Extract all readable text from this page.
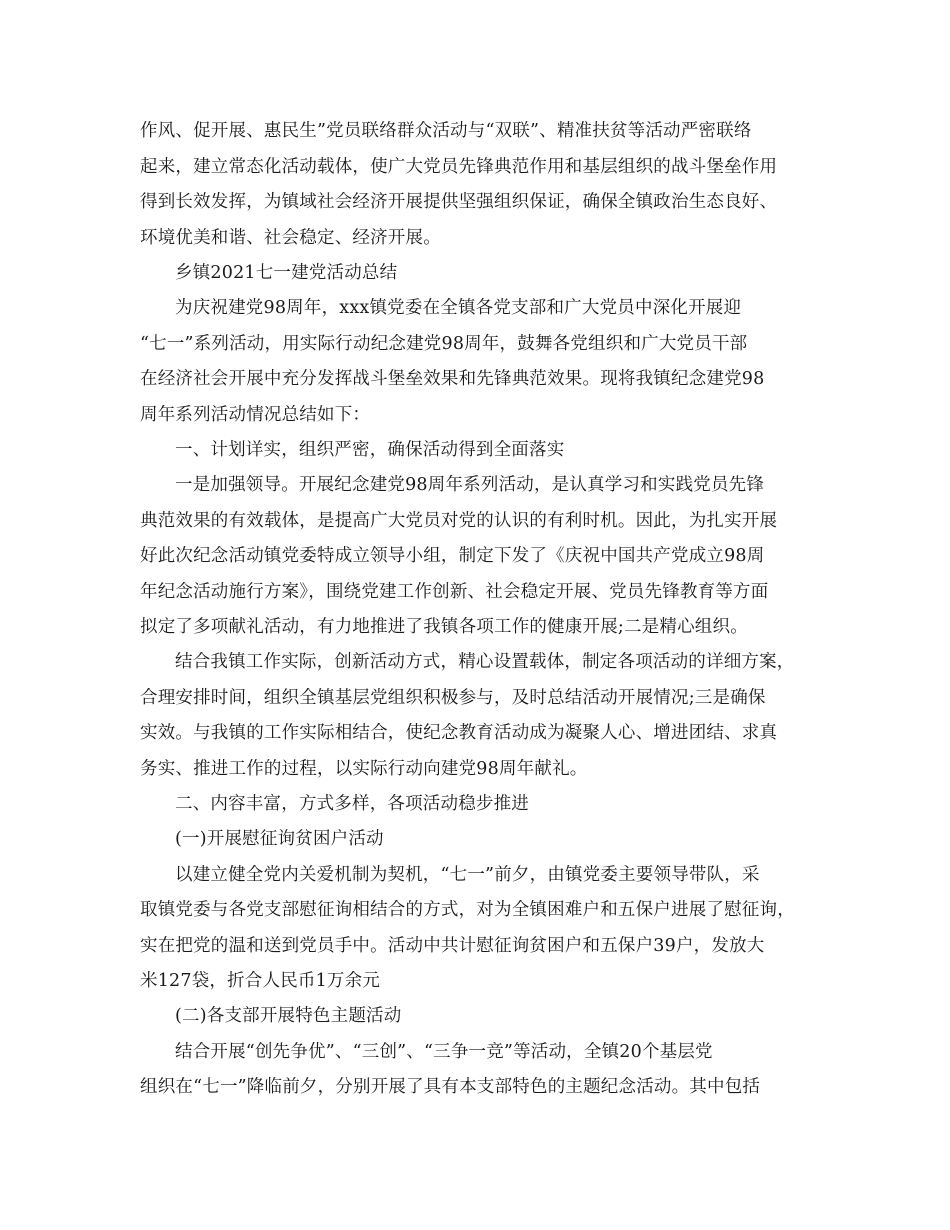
作风、促开展、惠民生”党员联络群众活动与“双联”、精准扶贫等活动严密联络
起来，建立常态化活动载体，使广大党员先锋典范作用和基层组织的战斗堡垒作用
得到长效发挥，为镇域社会经济开展提供坚强组织保证，确保全镇政治生态良好、
环境优美和谐、社会稳定、经济开展。
乡镇2021七一建党活动总结
为庆祝建党98周年，xxx镇党委在全镇各党支部和广大党员中深化开展迎
“七一”系列活动，用实际行动纪念建党98周年，鼓舞各党组织和广大党员干部
在经济社会开展中充分发挥战斗堡垒效果和先锋典范效果。现将我镇纪念建党98
周年系列活动情况总结如下：
一、计划详实，组织严密，确保活动得到全面落实
一是加强领导。开展纪念建党98周年系列活动，是认真学习和实践党员先锋
典范效果的有效载体，是提高广大党员对党的认识的有利时机。因此，为扎实开展
好此次纪念活动镇党委特成立领导小组，制定下发了《庆祝中国共产党成立98周
年纪念活动施行方案》，围绕党建工作创新、社会稳定开展、党员先锋教育等方面
拟定了多项献礼活动，有力地推进了我镇各项工作的健康开展;二是精心组织。
结合我镇工作实际，创新活动方式，精心设置载体，制定各项活动的详细方案，
合理安排时间，组织全镇基层党组织积极参与，及时总结活动开展情况;三是确保
实效。与我镇的工作实际相结合，使纪念教育活动成为凝聚人心、增进团结、求真
务实、推进工作的过程，以实际行动向建党98周年献礼。
二、内容丰富，方式多样，各项活动稳步推进
(一)开展慰征询贫困户活动
以建立健全党内关爱机制为契机，“七一”前夕，由镇党委主要领导带队，采
取镇党委与各党支部慰征询相结合的方式，对为全镇困难户和五保户进展了慰征询，
实在把党的温和送到党员手中。活动中共计慰征询贫困户和五保户39户，发放大
米127袋，折合人民币1万余元
(二)各支部开展特色主题活动
结合开展“创先争优”、“三创”、“三争一竞”等活动，全镇20个基层党
组织在“七一”降临前夕，分别开展了具有本支部特色的主题纪念活动。其中包括
